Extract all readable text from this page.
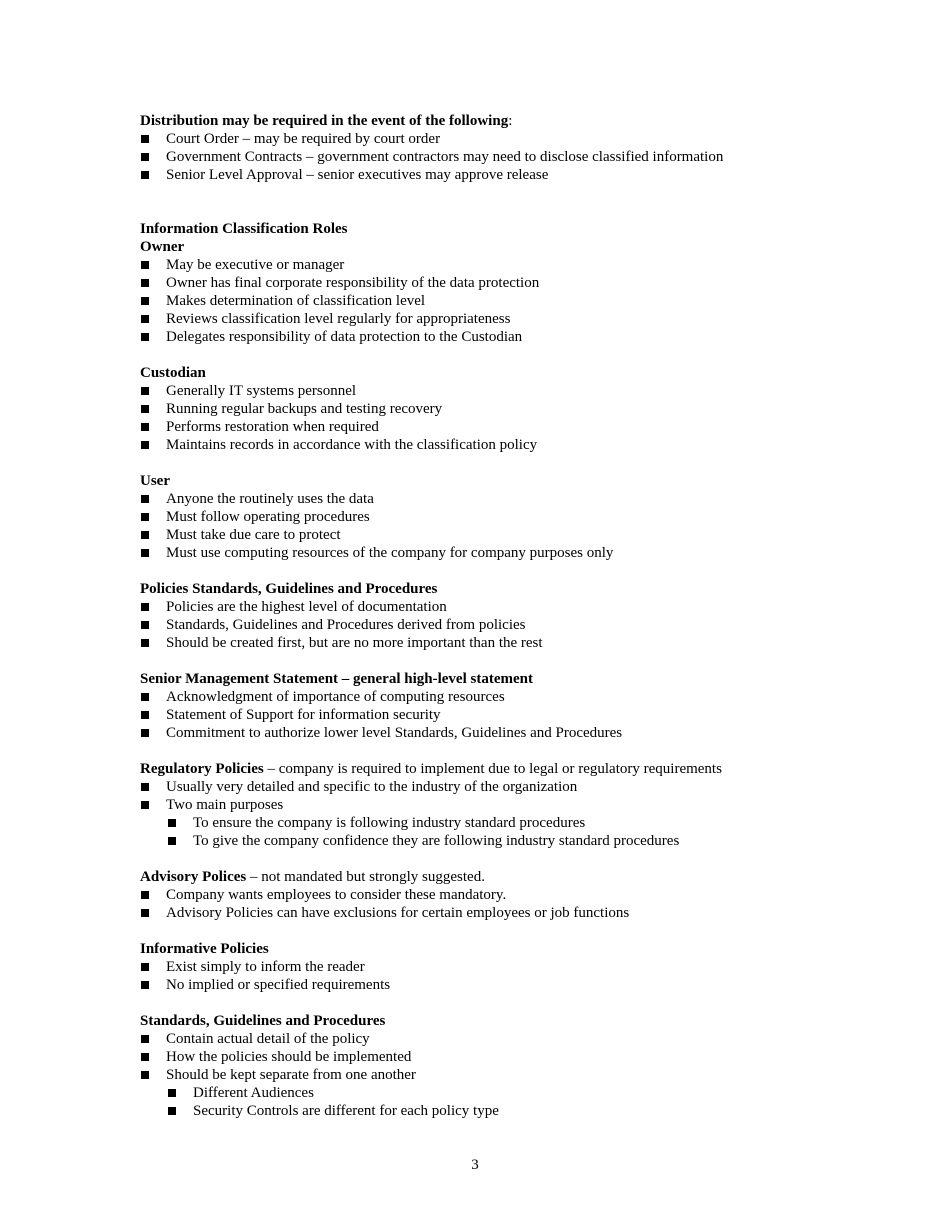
Distribution may be required in the event of the following:
Court Order – may be required by court order
Government Contracts – government contractors may need to disclose classified information
Senior Level Approval – senior executives may approve release
Information Classification Roles
Owner
May be executive or manager
Owner has final corporate responsibility of the data protection
Makes determination of classification level
Reviews classification level regularly for appropriateness
Delegates responsibility of data protection to the Custodian
Custodian
Generally IT systems personnel
Running regular backups and testing recovery
Performs restoration when required
Maintains records in accordance with the classification policy
User
Anyone the routinely uses the data
Must follow operating procedures
Must take due care to protect
Must use computing resources of the company for company purposes only
Policies Standards, Guidelines and Procedures
Policies are the highest level of documentation
Standards, Guidelines and Procedures derived from policies
Should be created first, but are no more important than the rest
Senior Management Statement – general high-level statement
Acknowledgment of importance of computing resources
Statement of Support for information security
Commitment to authorize lower level Standards, Guidelines and Procedures
Regulatory Policies – company is required to implement due to legal or regulatory requirements
Usually very detailed and specific to the industry of the organization
Two main purposes
To ensure the company is following industry standard procedures
To give the company confidence they are following industry standard procedures
Advisory Polices – not mandated but strongly suggested.
Company wants employees to consider these mandatory.
Advisory Policies can have exclusions for certain employees or job functions
Informative Policies
Exist simply to inform the reader
No implied or specified requirements
Standards, Guidelines and Procedures
Contain actual detail of the policy
How the policies should be implemented
Should be kept separate from one another
Different Audiences
Security Controls are different for each policy type
3
